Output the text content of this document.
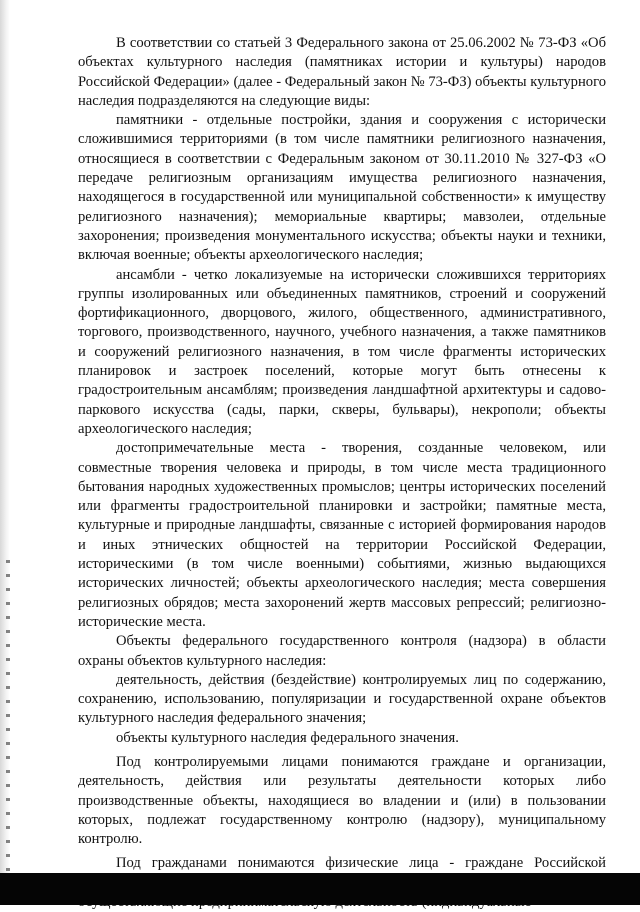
В соответствии со статьей 3 Федерального закона от 25.06.2002 № 73-ФЗ «Об объектах культурного наследия (памятниках истории и культуры) народов Российской Федерации» (далее - Федеральный закон № 73-ФЗ) объекты культурного наследия подразделяются на следующие виды:

памятники - отдельные постройки, здания и сооружения с исторически сложившимися территориями (в том числе памятники религиозного назначения, относящиеся в соответствии с Федеральным законом от 30.11.2010 № 327-ФЗ «О передаче религиозным организациям имущества религиозного назначения, находящегося в государственной или муниципальной собственности» к имуществу религиозного назначения); мемориальные квартиры; мавзолеи, отдельные захоронения; произведения монументального искусства; объекты науки и техники, включая военные; объекты археологического наследия;

ансамбли - четко локализуемые на исторически сложившихся территориях группы изолированных или объединенных памятников, строений и сооружений фортификационного, дворцового, жилого, общественного, административного, торгового, производственного, научного, учебного назначения, а также памятников и сооружений религиозного назначения, в том числе фрагменты исторических планировок и застроек поселений, которые могут быть отнесены к градостроительным ансамблям; произведения ландшафтной архитектуры и садово-паркового искусства (сады, парки, скверы, бульвары), некрополи; объекты археологического наследия;

достопримечательные места - творения, созданные человеком, или совместные творения человека и природы, в том числе места традиционного бытования народных художественных промыслов; центры исторических поселений или фрагменты градостроительной планировки и застройки; памятные места, культурные и природные ландшафты, связанные с историей формирования народов и иных этнических общностей на территории Российской Федерации, историческими (в том числе военными) событиями, жизнью выдающихся исторических личностей; объекты археологического наследия; места совершения религиозных обрядов; места захоронений жертв массовых репрессий; религиозно-исторические места.

Объекты федерального государственного контроля (надзора) в области охраны объектов культурного наследия:

деятельность, действия (бездействие) контролируемых лиц по содержанию, сохранению, использованию, популяризации и государственной охране объектов культурного наследия федерального значения;

объекты культурного наследия федерального значения.

Под контролируемыми лицами понимаются граждане и организации, деятельность, действия или результаты деятельности которых либо производственные объекты, находящиеся во владении и (или) в пользовании которых, подлежат государственному контролю (надзору), муниципальному контролю.

Под гражданами понимаются физические лица - граждане Российской
